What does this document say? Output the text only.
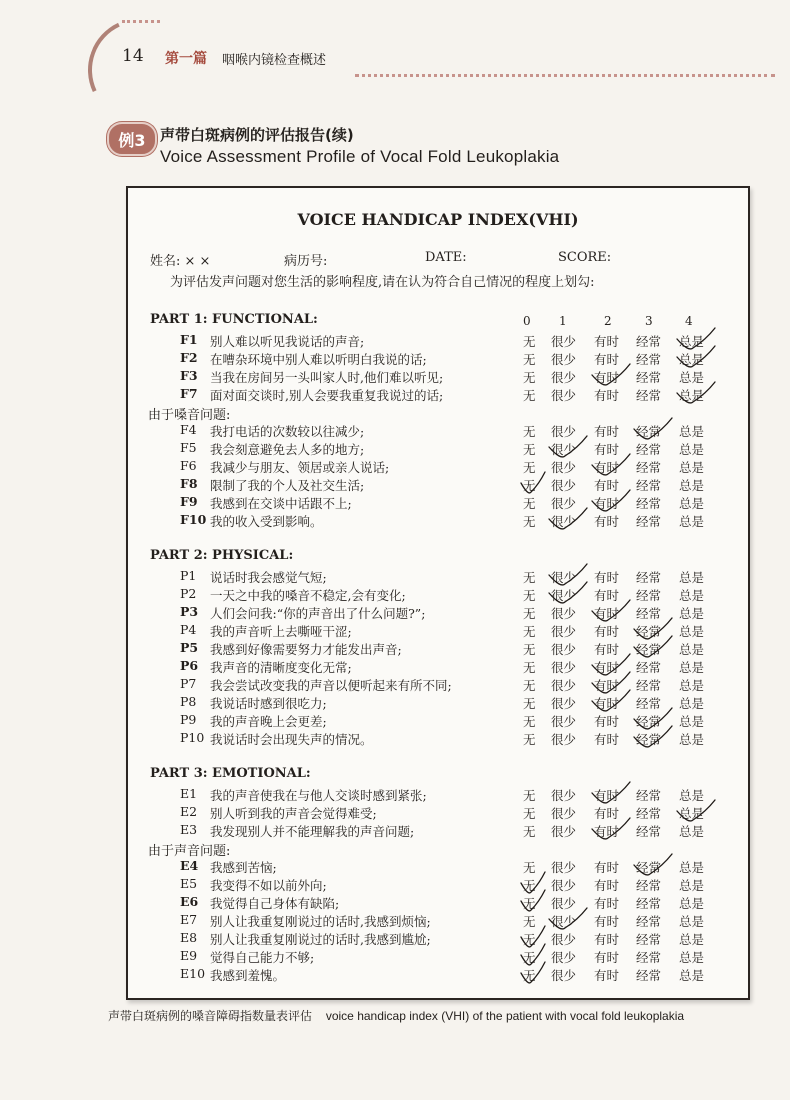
14 第一篇 咽喉内镜检查概述
例3 声带白斑病例的评估报告(续)
Voice Assessment Profile of Vocal Fold Leukoplakia
VOICE HANDICAP INDEX(VHI)
姓名: × ×	病历号:	DATE:	SCORE:
为评估发声问题对您生活的影响程度,请在认为符合自己情况的程度上划勾:
0 1	2	3	4
PART 1: FUNCTIONAL:
F1 别人难以听见我说话的声音;	无 很少 有时 经常 总是
F2 在嘈杂环境中别人难以听明白我说的话;	无 很少 有时 经常 总是
F3 当我在房间另一头叫家人时,他们难以听见;	无 很少 有时 经常 总是
F7 面对面交谈时,别人会要我重复我说过的话;	无 很少 有时 经常 总是
由于嗓音问题:
F4 我打电话的次数较以往减少;	无 很少 有时 经常 总是
F5 我会刻意避免去人多的地方;	无 很少 有时 经常 总是
F6 我减少与朋友、领居或亲人说话;	无 很少 有时 经常 总是
F8 限制了我的个人及社交生活;	无 很少 有时 经常 总是
F9 我感到在交谈中话跟不上;	无 很少 有时 经常 总是
F10 我的收入受到影响。	无 很少 有时 经常 总是
PART 2: PHYSICAL:
P1 说话时我会感觉气短;	无 很少 有时 经常 总是
P2 一天之中我的嗓音不稳定,会有变化;	无 很少 有时 经常 总是
P3 人们会问我:“你的声音出了什么问题?”;	无 很少 有时 经常 总是
P4 我的声音听上去嘶哑干涩;	无 很少 有时 经常 总是
P5 我感到好像需要努力才能发出声音;	无 很少 有时 经常 总是
P6 我声音的清晰度变化无常;	无 很少 有时 经常 总是
P7 我会尝试改变我的声音以便听起来有所不同;	无 很少 有时 经常 总是
P8 我说话时感到很吃力;	无 很少 有时 经常 总是
P9 我的声音晚上会更差;	无 很少 有时 经常 总是
P10 我说话时会出现失声的情况。	无 很少 有时 经常 总是
PART 3: EMOTIONAL:
E1 我的声音使我在与他人交谈时感到紧张;	无 很少 有时 经常 总是
E2 别人听到我的声音会觉得难受;	无 很少 有时 经常 总是
E3 我发现别人并不能理解我的声音问题;	无 很少 有时 经常 总是
由于声音问题:
E4 我感到苦恼;	无 很少 有时 经常 总是
E5 我变得不如以前外向;	无 很少 有时 经常 总是
E6 我觉得自己身体有缺陷;	无 很少 有时 经常 总是
E7 别人让我重复刚说过的话时,我感到烦恼;	无 很少 有时 经常 总是
E8 别人让我重复刚说过的话时,我感到尴尬;	无 很少 有时 经常 总是
E9 觉得自己能力不够;	无 很少 有时 经常 总是
E10 我感到羞愧。	无 很少 有时 经常 总是
声带白斑病例的嗓音障碍指数量表评估 voice handicap index (VHI) of the patient with vocal fold leukoplakia
